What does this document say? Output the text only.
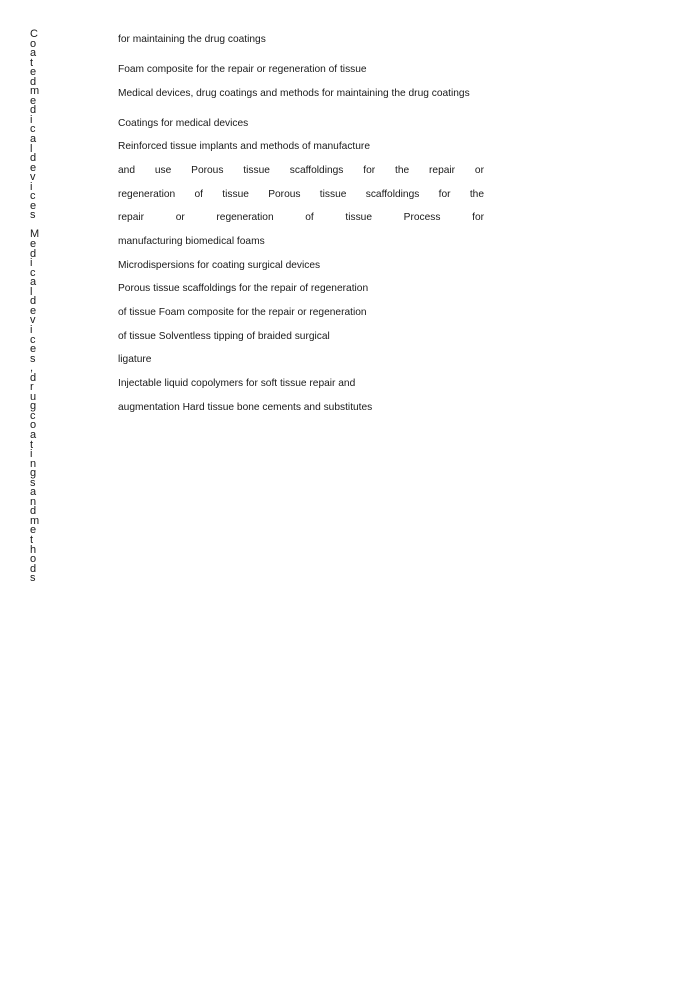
C
o
a
t
e
d
m
e
d
i
c
a
l
d
e
v
i
c
e
s

M
e
d
i
c
a
l
d
e
v
i
c
e
s
,
d
r
u
g
c
o
a
t
i
n
g
s
a
n
d
m
e
t
h
o
d
s
for maintaining the drug coatings
Foam composite for the repair or regeneration of tissue
Medical devices, drug coatings and methods for maintaining the drug coatings
Coatings for medical devices
Reinforced tissue implants and methods of manufacture
and use Porous tissue scaffoldings for the repair or
regeneration of tissue Porous tissue scaffoldings for the
repair or regeneration of tissue Process for
manufacturing biomedical foams
Microdispersions for coating surgical devices
Porous tissue scaffoldings for the repair of regeneration
of tissue Foam composite for the repair or regeneration
of tissue Solventless tipping of braided surgical
ligature
Injectable liquid copolymers for soft tissue repair and
augmentation Hard tissue bone cements and substitutes
